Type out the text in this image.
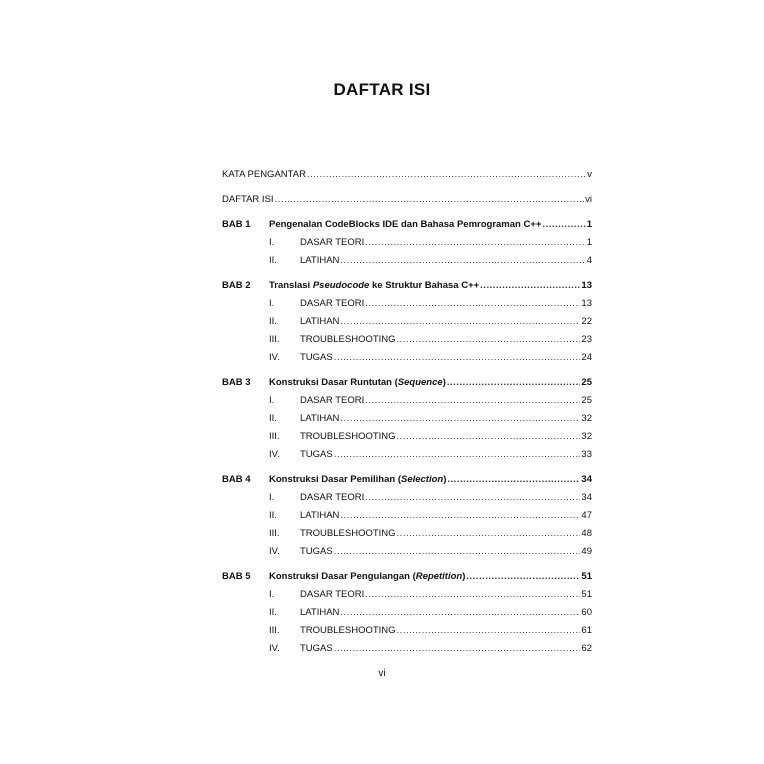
DAFTAR ISI
KATA PENGANTAR .....	v
DAFTAR ISI .....	vi
BAB 1	Pengenalan CodeBlocks IDE dan Bahasa Pemrograman C++ .....	1
I.	DASAR TEORI .....	1
II.	LATIHAN .....	4
BAB 2	Translasi Pseudocode ke Struktur Bahasa C++ .....	13
I.	DASAR TEORI .....	13
II.	LATIHAN .....	22
III.	TROUBLESHOOTING .....	23
IV.	TUGAS .....	24
BAB 3	Konstruksi Dasar Runtutan (Sequence) .....	25
I.	DASAR TEORI .....	25
II.	LATIHAN .....	32
III.	TROUBLESHOOTING .....	32
IV.	TUGAS .....	33
BAB 4	Konstruksi Dasar Pemilihan (Selection) .....	34
I.	DASAR TEORI .....	34
II.	LATIHAN .....	47
III.	TROUBLESHOOTING .....	48
IV.	TUGAS .....	49
BAB 5	Konstruksi Dasar Pengulangan (Repetition) .....	51
I.	DASAR TEORI .....	51
II.	LATIHAN .....	60
III.	TROUBLESHOOTING .....	61
IV.	TUGAS .....	62
vi
